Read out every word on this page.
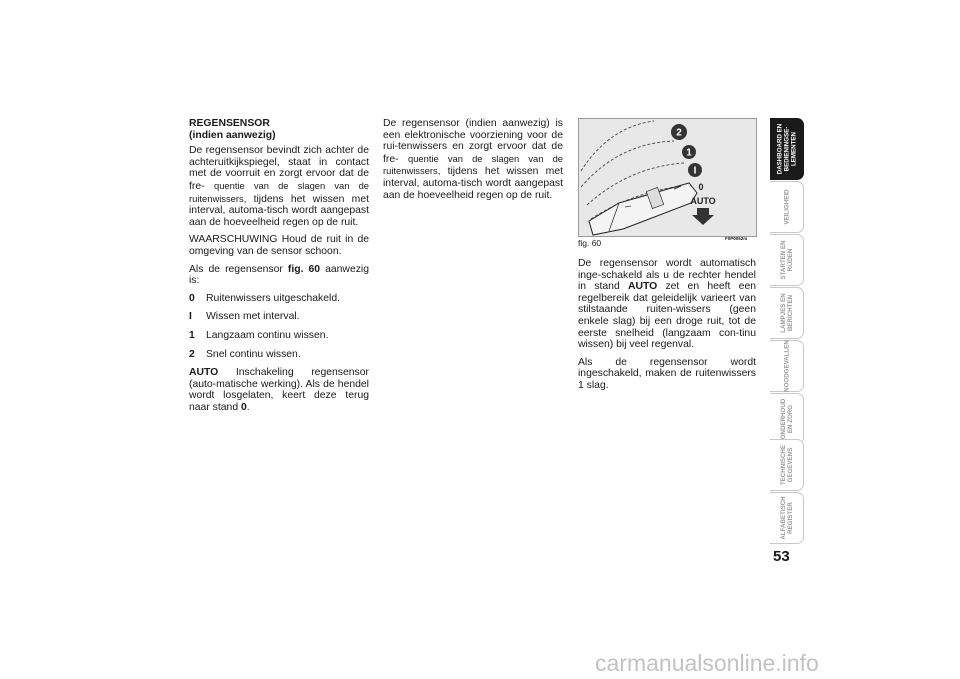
REGENSENSOR
(indien aanwezig)

De regensensor bevindt zich achter de achteruitkijkspiegel, staat in contact met de voorruit en zorgt ervoor dat de fre- quentie van de slagen van de ruitenwissers, tijdens het wissen met interval, automa-tisch wordt aangepast aan de hoeveelheid regen op de ruit.

WAARSCHUWING Houd de ruit in de omgeving van de sensor schoon.

Als de regensensor fig. 60 aanwezig is:

0	Ruitenwissers uitgeschakeld.
I	Wissen met interval.
1	Langzaam continu wissen.
2	Snel continu wissen.

AUTO Inschakeling regensensor (auto-matische werking). Als de hendel wordt losgelaten, keert deze terug naar stand 0.

De regensensor (indien aanwezig) is een elektronische voorziening voor de rui-tenwissers en zorgt ervoor dat de fre- quentie van de slagen van de ruitenwissers, tijdens het wissen met interval, automa-tisch wordt aangepast aan de hoeveelheid regen op de ruit.

2
1
I
0
AUTO
fig. 60	F0P0052m

De regensensor wordt automatisch inge-schakeld als u de rechter hendel in stand AUTO zet en heeft een regelbereik dat geleidelijk varieert van stilstaande ruiten-wissers (geen enkele slag) bij een droge ruit, tot de eerste snelheid (langzaam con-tinu wissen) bij veel regenval.

Als de regensensor wordt ingeschakeld, maken de ruitenwissers 1 slag.

DASHBOARD EN BEDIENINGSE- LEMENTEN
VEILIGHEID
STARTEN EN RIJDEN
LAMPJES EN BERICHTEN
NOODGEVALLEN
ONDERHOUD EN ZORG
TECHNISCHE GEGEVENS
ALFABETISCH REGISTER
53
carmanualsonline.info
